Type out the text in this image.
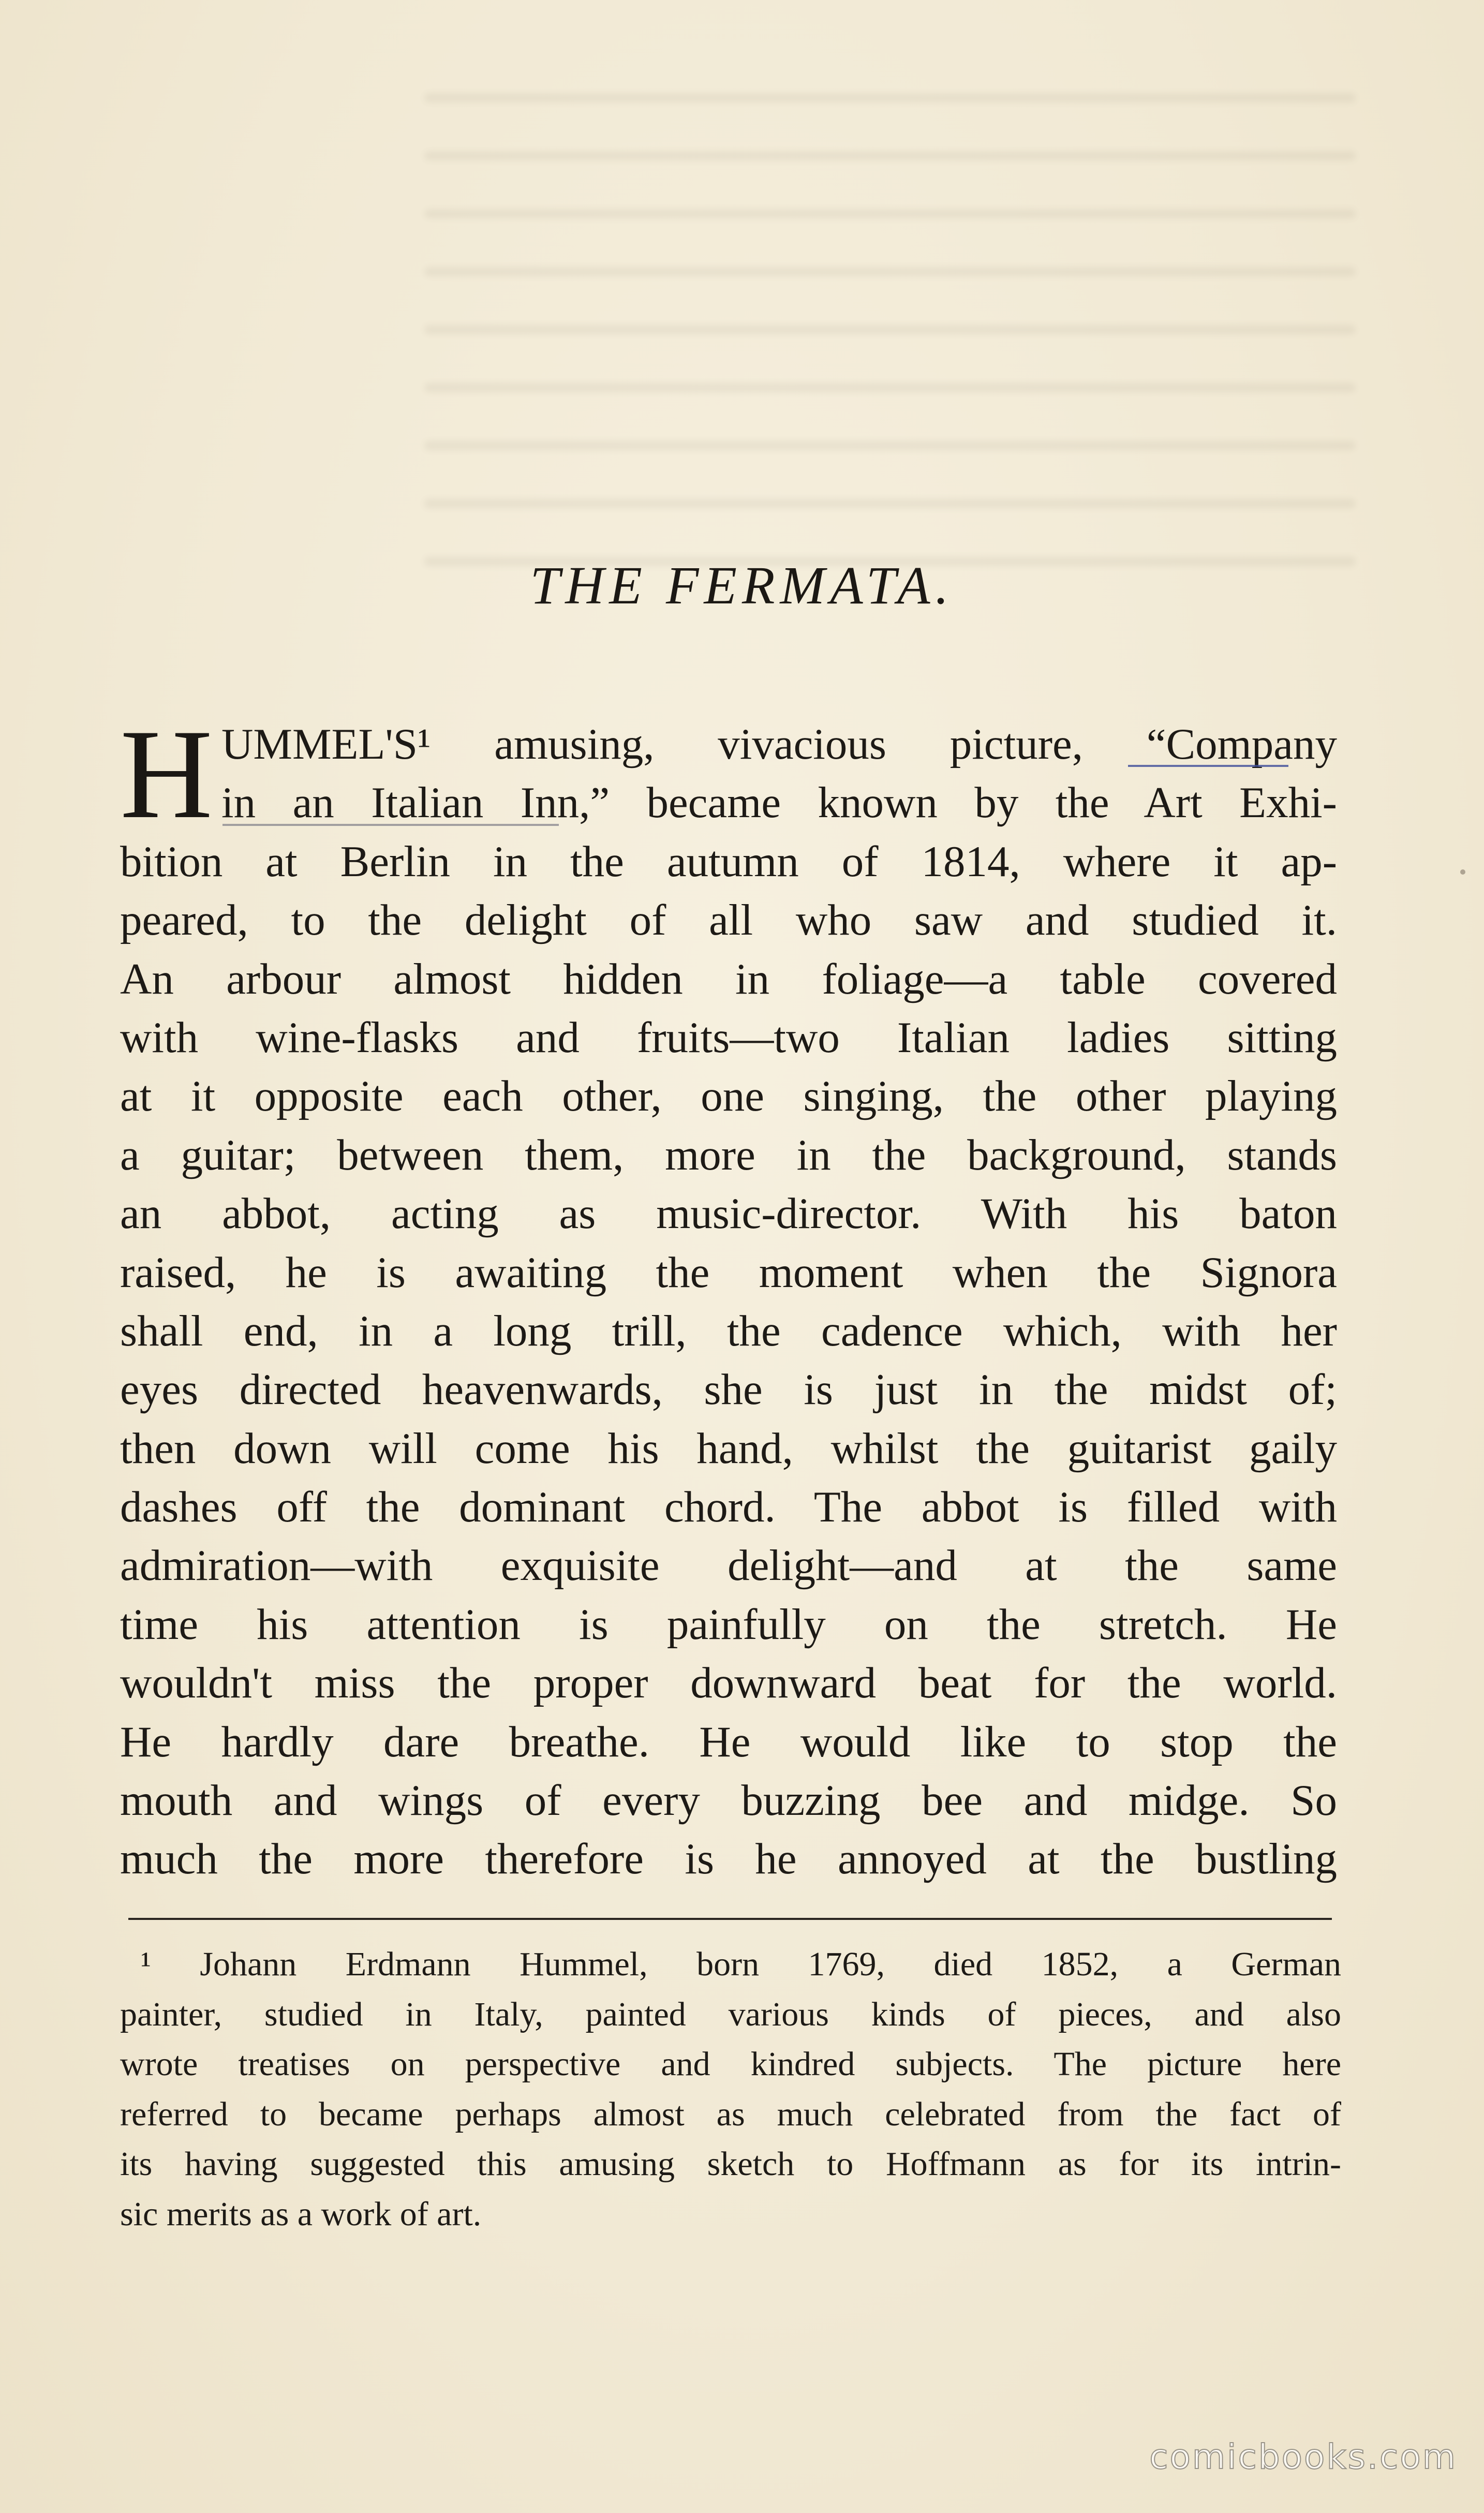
THE FERMATA.
H UMMEL'S¹ amusing, vivacious picture, “Company
in an Italian Inn,” became known by the Art Exhi-
bition at Berlin in the autumn of 1814, where it ap-
peared, to the delight of all who saw and studied it.
An arbour almost hidden in foliage—a table covered
with wine-flasks and fruits—two Italian ladies sitting
at it opposite each other, one singing, the other playing
a guitar; between them, more in the background, stands
an abbot, acting as music-director. With his baton
raised, he is awaiting the moment when the Signora
shall end, in a long trill, the cadence which, with her
eyes directed heavenwards, she is just in the midst of;
then down will come his hand, whilst the guitarist gaily
dashes off the dominant chord. The abbot is filled with
admiration—with exquisite delight—and at the same
time his attention is painfully on the stretch. He
wouldn't miss the proper downward beat for the world.
He hardly dare breathe. He would like to stop the
mouth and wings of every buzzing bee and midge. So
much the more therefore is he annoyed at the bustling
¹ Johann Erdmann Hummel, born 1769, died 1852, a German
painter, studied in Italy, painted various kinds of pieces, and also
wrote treatises on perspective and kindred subjects. The picture here
referred to became perhaps almost as much celebrated from the fact of
its having suggested this amusing sketch to Hoffmann as for its intrin-
sic merits as a work of art.
comicbooks.com
